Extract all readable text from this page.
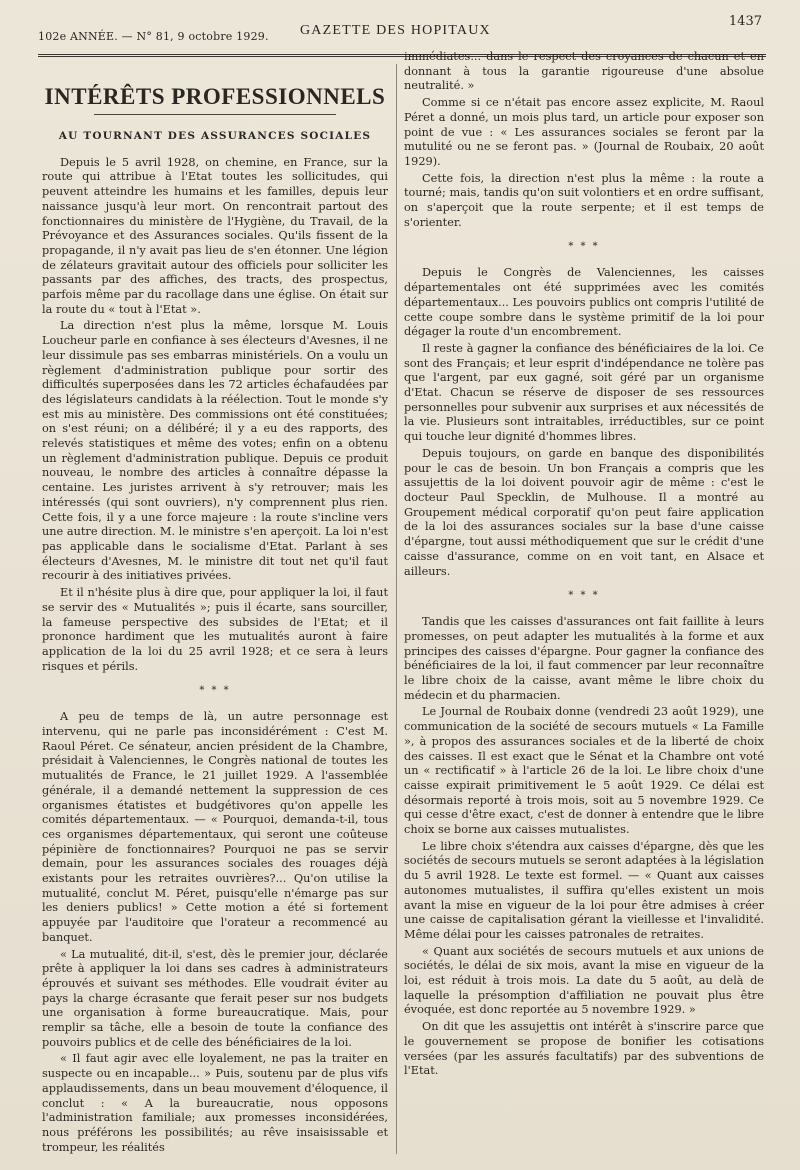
102e ANNÉE. — N° 81, 9 octobre 1929. GAZETTE DES HOPITAUX
1437
INTÉRÊTS PROFESSIONNELS
AU TOURNANT DES ASSURANCES SOCIALES

Depuis le 5 avril 1928, on chemine, en France, sur la route qui attribue à l'Etat toutes les sollicitudes, qui peuvent atteindre les humains et les familles, depuis leur naissance jusqu'à leur mort. On rencontrait partout des fonctionnaires du ministère de l'Hygiène, du Travail, de la Prévoyance et des Assurances sociales. Qu'ils fissent de la propagande, il n'y avait pas lieu de s'en étonner. Une légion de zélateurs gravitait autour des officiels pour solliciter les passants par des affiches, des tracts, des prospectus, parfois même par du racollage dans une église. On était sur la route du « tout à l'Etat ».

La direction n'est plus la même, lorsque M. Louis Loucheur parle en confiance à ses électeurs d'Avesnes, il ne leur dissimule pas ses embarras ministériels. On a voulu un règlement d'administration publique pour sortir des difficultés superposées dans les 72 articles échafaudées par des législateurs candidats à la réélection. Tout le monde s'y est mis au ministère. Des commissions ont été constituées; on s'est réuni; on a délibéré; il y a eu des rapports, des relevés statistiques et même des votes; enfin on a obtenu un règlement d'administration publique. Depuis ce produit nouveau, le nombre des articles à connaître dépasse la centaine. Les juristes arrivent à s'y retrouver; mais les intéressés (qui sont ouvriers), n'y comprennent plus rien. Cette fois, il y a une force majeure : la route s'incline vers une autre direction. M. le ministre s'en aperçoit. La loi n'est pas applicable dans le socialisme d'Etat. Parlant à ses électeurs d'Avesnes, M. le ministre dit tout net qu'il faut recourir à des initiatives privées.

Et il n'hésite plus à dire que, pour appliquer la loi, il faut se servir des « Mutualités »; puis il écarte, sans sourciller, la fameuse perspective des subsides de l'Etat; et il prononce hardiment que les mutualités auront à faire application de la loi du 25 avril 1928; et ce sera à leurs risques et périls.

* * *

A peu de temps de là, un autre personnage est intervenu, qui ne parle pas inconsidérément : C'est M. Raoul Péret. Ce sénateur, ancien président de la Chambre, présidait à Valenciennes, le Congrès national de toutes les mutualités de France, le 21 juillet 1929. A l'assemblée générale, il a demandé nettement la suppression de ces organismes étatistes et budgétivores qu'on appelle les comités départementaux. — « Pourquoi, demanda-t-il, tous ces organismes départementaux, qui seront une coûteuse pépinière de fonctionnaires? Pourquoi ne pas se servir demain, pour les assurances sociales des rouages déjà existants pour les retraites ouvrières?... Qu'on utilise la mutualité, conclut M. Péret, puisqu'elle n'émarge pas sur les deniers publics! » Cette motion a été si fortement appuyée par l'auditoire que l'orateur a recommencé au banquet.

« La mutualité, dit-il, s'est, dès le premier jour, déclarée prête à appliquer la loi dans ses cadres à administrateurs éprouvés et suivant ses méthodes. Elle voudrait éviter au pays la charge écrasante que ferait peser sur nos budgets une organisation à forme bureaucratique. Mais, pour remplir sa tâche, elle a besoin de toute la confiance des pouvoirs publics et de celle des bénéficiaires de la loi.

« Il faut agir avec elle loyalement, ne pas la traiter en suspecte ou en incapable... » Puis, soutenu par de plus vifs applaudissements, dans un beau mouvement d'éloquence, il conclut : « A la bureaucratie, nous opposons l'administration familiale; aux promesses inconsidérées, nous préférons les possibilités; au rêve insaisissable et trompeur, les réalités

immédiates... dans le respect des croyances de chacun et en donnant à tous la garantie rigoureuse d'une absolue neutralité. »

Comme si ce n'était pas encore assez explicite, M. Raoul Péret a donné, un mois plus tard, un article pour exposer son point de vue : « Les assurances sociales se feront par la mutulité ou ne se feront pas. » (Journal de Roubaix, 20 août 1929).

Cette fois, la direction n'est plus la même : la route a tourné; mais, tandis qu'on suit volontiers et en ordre suffisant, on s'aperçoit que la route serpente; et il est temps de s'orienter.

* * *

Depuis le Congrès de Valenciennes, les caisses départementales ont été supprimées avec les comités départementaux... Les pouvoirs publics ont compris l'utilité de cette coupe sombre dans le système primitif de la loi pour dégager la route d'un encombrement.

Il reste à gagner la confiance des bénéficiaires de la loi. Ce sont des Français; et leur esprit d'indépendance ne tolère pas que l'argent, par eux gagné, soit géré par un organisme d'Etat. Chacun se réserve de disposer de ses ressources personnelles pour subvenir aux surprises et aux nécessités de la vie. Plusieurs sont intraitables, irréductibles, sur ce point qui touche leur dignité d'hommes libres.

Depuis toujours, on garde en banque des disponibilités pour le cas de besoin. Un bon Français a compris que les assujettis de la loi doivent pouvoir agir de même : c'est le docteur Paul Specklin, de Mulhouse. Il a montré au Groupement médical corporatif qu'on peut faire application de la loi des assurances sociales sur la base d'une caisse d'épargne, tout aussi méthodiquement que sur le crédit d'une caisse d'assurance, comme on en voit tant, en Alsace et ailleurs.

* * *

Tandis que les caisses d'assurances ont fait faillite à leurs promesses, on peut adapter les mutualités à la forme et aux principes des caisses d'épargne. Pour gagner la confiance des bénéficiaires de la loi, il faut commencer par leur reconnaître le libre choix de la caisse, avant même le libre choix du médecin et du pharmacien.

Le Journal de Roubaix donne (vendredi 23 août 1929), une communication de la société de secours mutuels « La Famille », à propos des assurances sociales et de la liberté de choix des caisses. Il est exact que le Sénat et la Chambre ont voté un « rectificatif » à l'article 26 de la loi. Le libre choix d'une caisse expirait primitivement le 5 août 1929. Ce délai est désormais reporté à trois mois, soit au 5 novembre 1929. Ce qui cesse d'être exact, c'est de donner à entendre que le libre choix se borne aux caisses mutualistes.

Le libre choix s'étendra aux caisses d'épargne, dès que les sociétés de secours mutuels se seront adaptées à la législation du 5 avril 1928. Le texte est formel. — « Quant aux caisses autonomes mutualistes, il suffira qu'elles existent un mois avant la mise en vigueur de la loi pour être admises à créer une caisse de capitalisation gérant la vieillesse et l'invalidité. Même délai pour les caisses patronales de retraites.

« Quant aux sociétés de secours mutuels et aux unions de sociétés, le délai de six mois, avant la mise en vigueur de la loi, est réduit à trois mois. La date du 5 août, au delà de laquelle la présomption d'affiliation ne pouvait plus être évoquée, est donc reportée au 5 novembre 1929. »

On dit que les assujettis ont intérêt à s'inscrire parce que le gouvernement se propose de bonifier les cotisations versées (par les assurés facultatifs) par des subventions de l'Etat.
